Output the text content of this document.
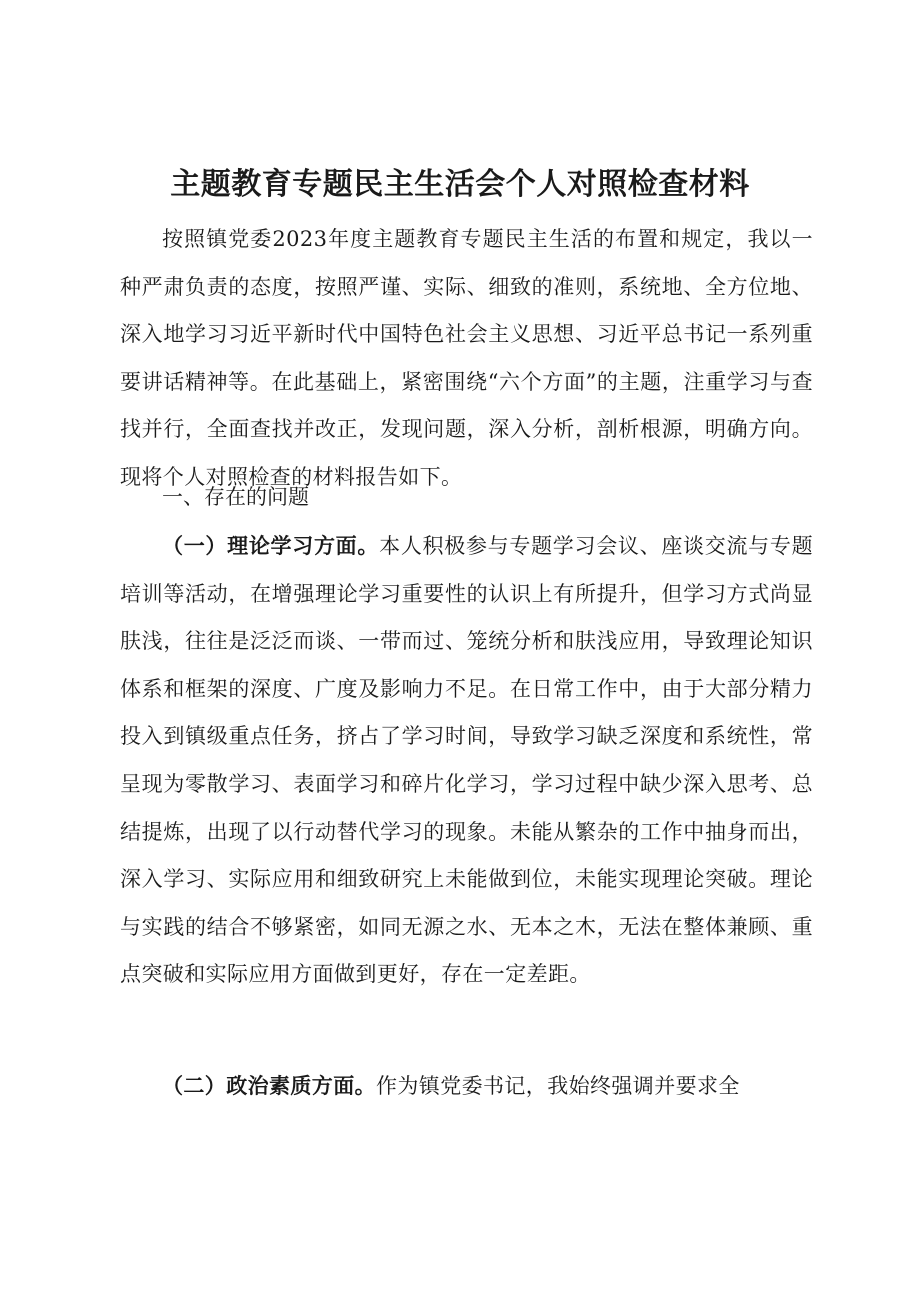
主题教育专题民主生活会个人对照检查材料

按照镇党委2023年度主题教育专题民主生活的布置和规定，我以一种严肃负责的态度，按照严谨、实际、细致的准则，系统地、全方位地、深入地学习习近平新时代中国特色社会主义思想、习近平总书记一系列重要讲话精神等。在此基础上，紧密围绕“六个方面”的主题，注重学习与查找并行，全面查找并改正，发现问题，深入分析，剖析根源，明确方向。现将个人对照检查的材料报告如下。

一、存在的问题

（一）理论学习方面。本人积极参与专题学习会议、座谈交流与专题培训等活动，在增强理论学习重要性的认识上有所提升，但学习方式尚显肤浅，往往是泛泛而谈、一带而过、笼统分析和肤浅应用，导致理论知识体系和框架的深度、广度及影响力不足。在日常工作中，由于大部分精力投入到镇级重点任务，挤占了学习时间，导致学习缺乏深度和系统性，常呈现为零散学习、表面学习和碎片化学习，学习过程中缺少深入思考、总结提炼，出现了以行动替代学习的现象。未能从繁杂的工作中抽身而出，深入学习、实际应用和细致研究上未能做到位，未能实现理论突破。理论与实践的结合不够紧密，如同无源之水、无本之木，无法在整体兼顾、重点突破和实际应用方面做到更好，存在一定差距。

（二）政治素质方面。作为镇党委书记，我始终强调并要求全
